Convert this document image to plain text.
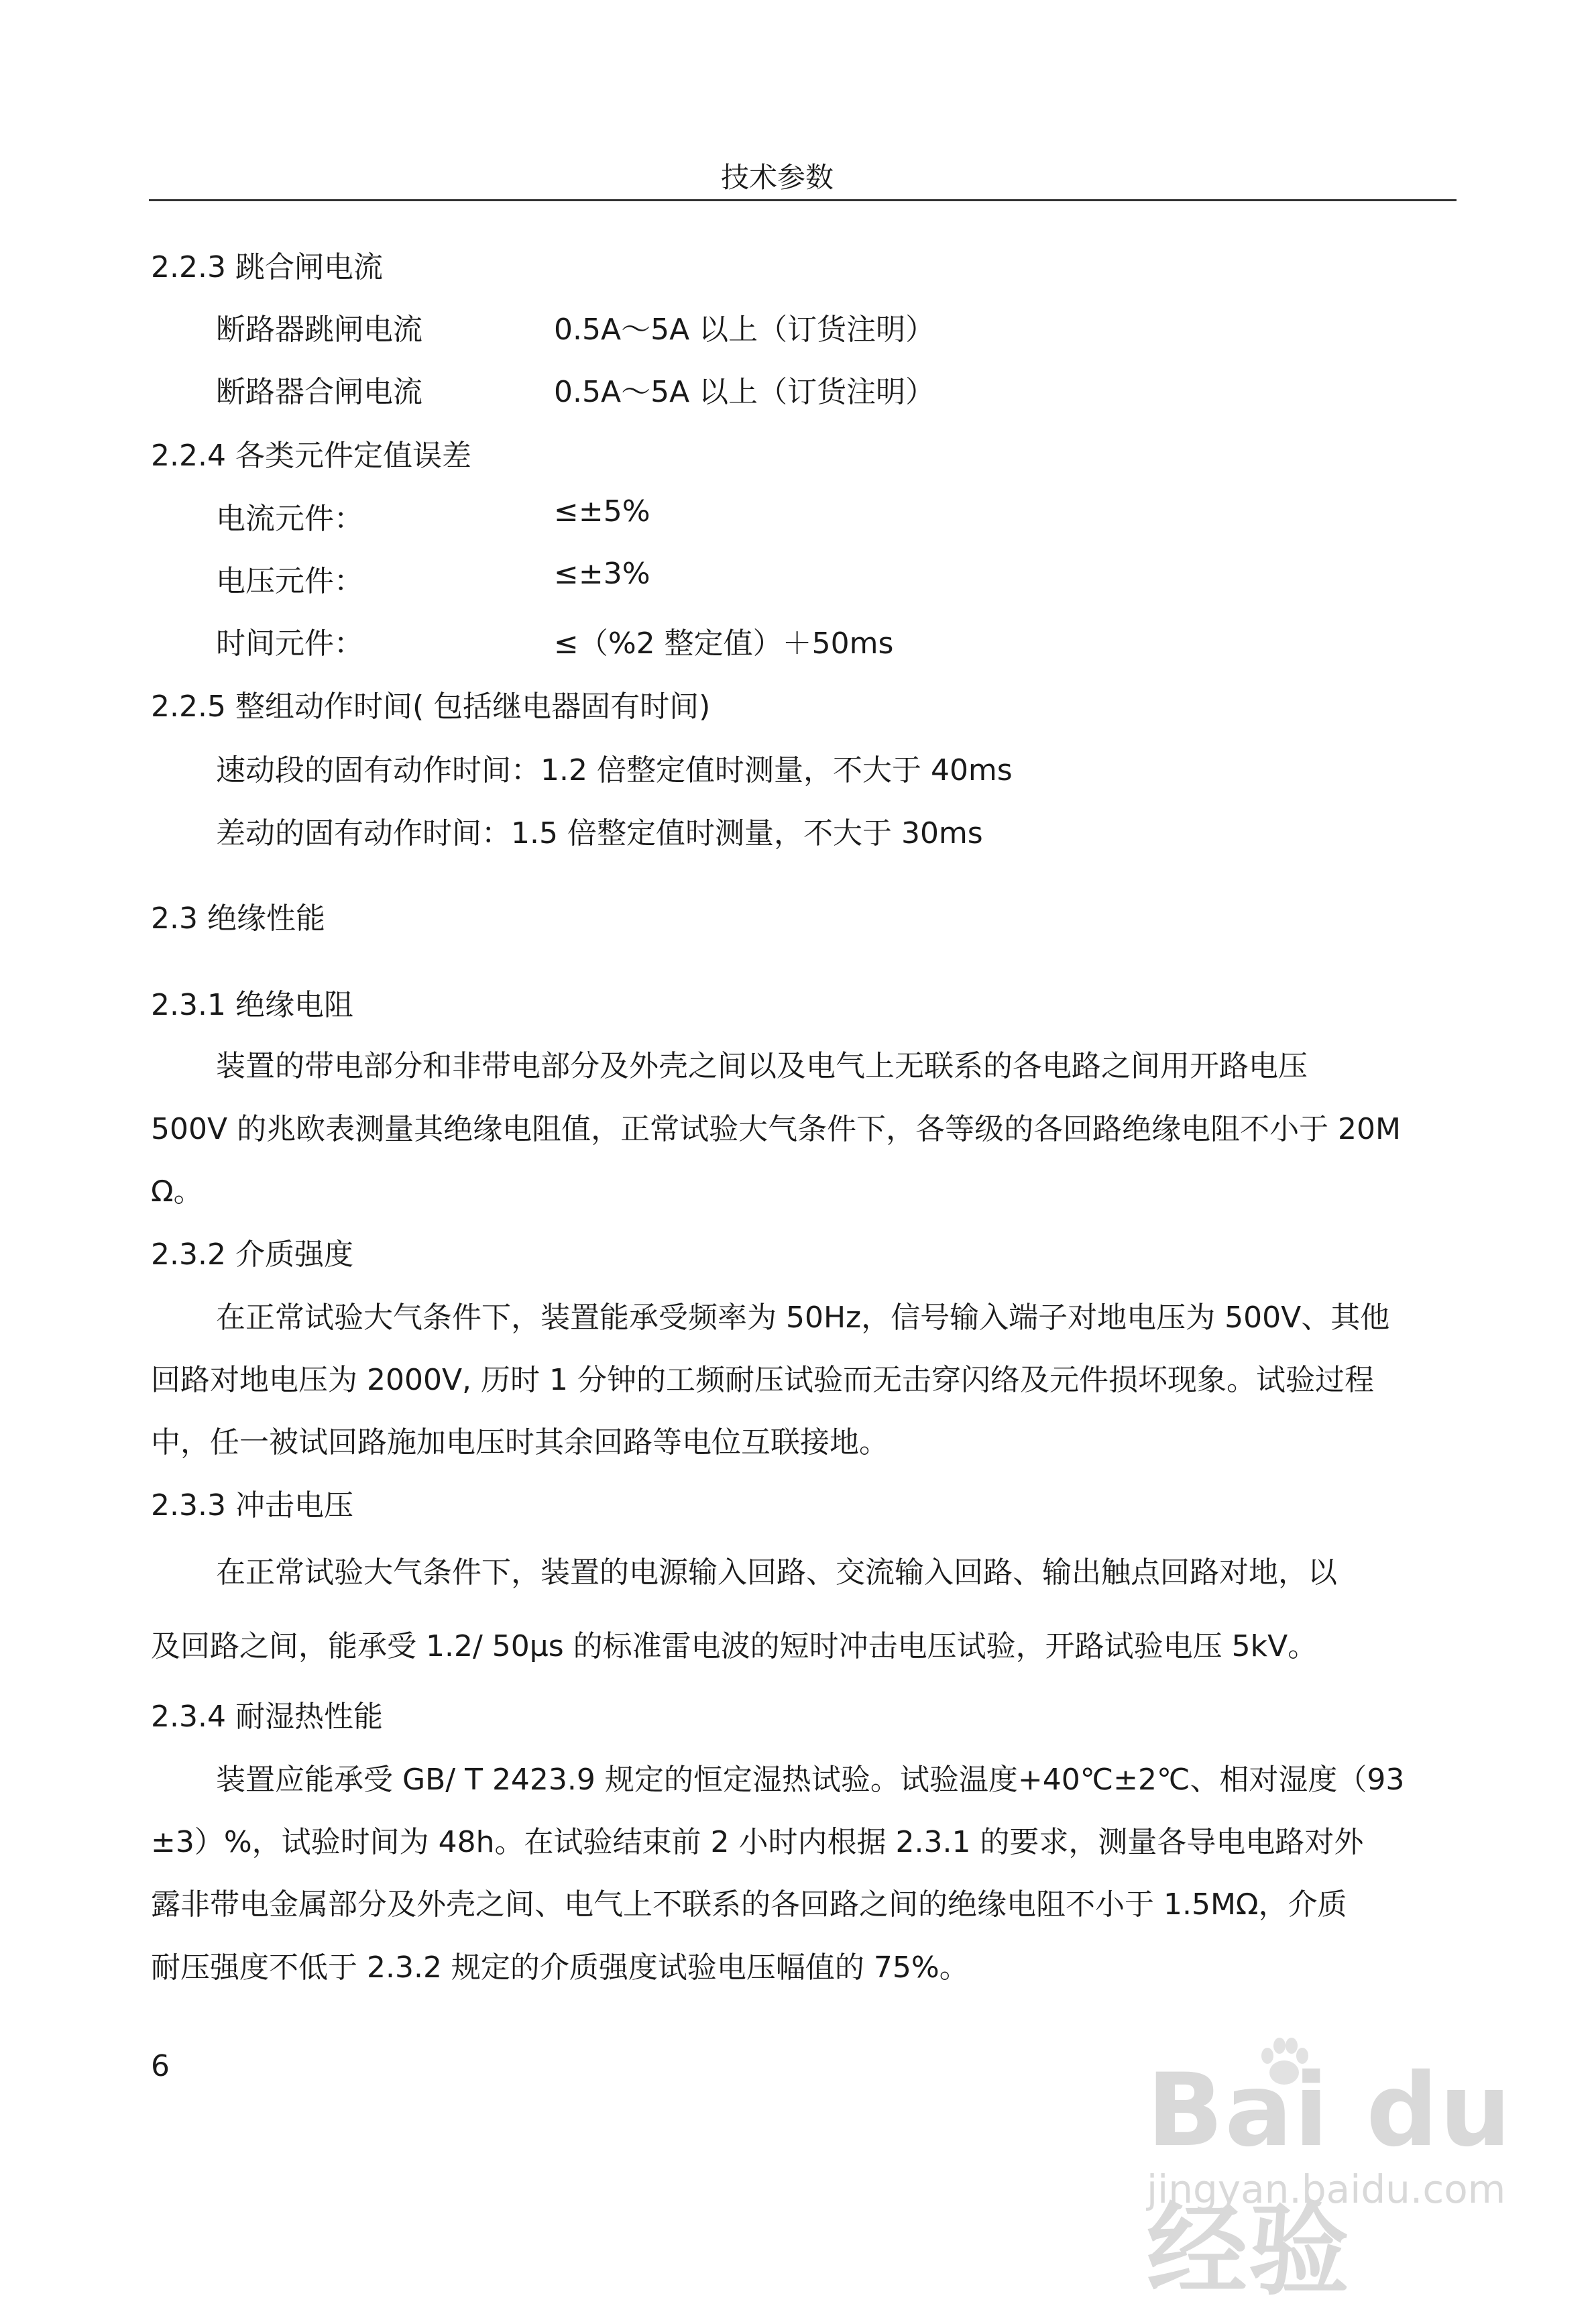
技术参数
2.2.3 跳合闸电流
断路器跳闸电流	0.5A～5A 以上（订货注明）
断路器合闸电流	0.5A～5A 以上（订货注明）
2.2.4 各类元件定值误差
电流元件：	≤±5%
电压元件：	≤±3%
时间元件：	≤（%2 整定值）＋50ms
2.2.5 整组动作时间( 包括继电器固有时间)
速动段的固有动作时间：1.2 倍整定值时测量，不大于 40ms
差动的固有动作时间：1.5 倍整定值时测量，不大于 30ms
2.3 绝缘性能
2.3.1 绝缘电阻
装置的带电部分和非带电部分及外壳之间以及电气上无联系的各电路之间用开路电压
500V 的兆欧表测量其绝缘电阻值，正常试验大气条件下，各等级的各回路绝缘电阻不小于 20M
Ω。
2.3.2 介质强度
在正常试验大气条件下，装置能承受频率为 50Hz，信号输入端子对地电压为 500V、其他
回路对地电压为 2000V, 历时 1 分钟的工频耐压试验而无击穿闪络及元件损坏现象。试验过程
中，任一被试回路施加电压时其余回路等电位互联接地。
2.3.3 冲击电压
在正常试验大气条件下，装置的电源输入回路、交流输入回路、输出触点回路对地，以
及回路之间，能承受 1.2/ 50μs 的标准雷电波的短时冲击电压试验，开路试验电压 5kV。
2.3.4 耐湿热性能
装置应能承受 GB/ T 2423.9 规定的恒定湿热试验。试验温度+40℃±2℃、相对湿度（93
±3）%，试验时间为 48h。在试验结束前 2 小时内根据 2.3.1 的要求，测量各导电电路对外
露非带电金属部分及外壳之间、电气上不联系的各回路之间的绝缘电阻不小于 1.5MΩ，介质
耐压强度不低于 2.3.2 规定的介质强度试验电压幅值的 75%。
6	Bai du 经验
jingyan.baidu.com
